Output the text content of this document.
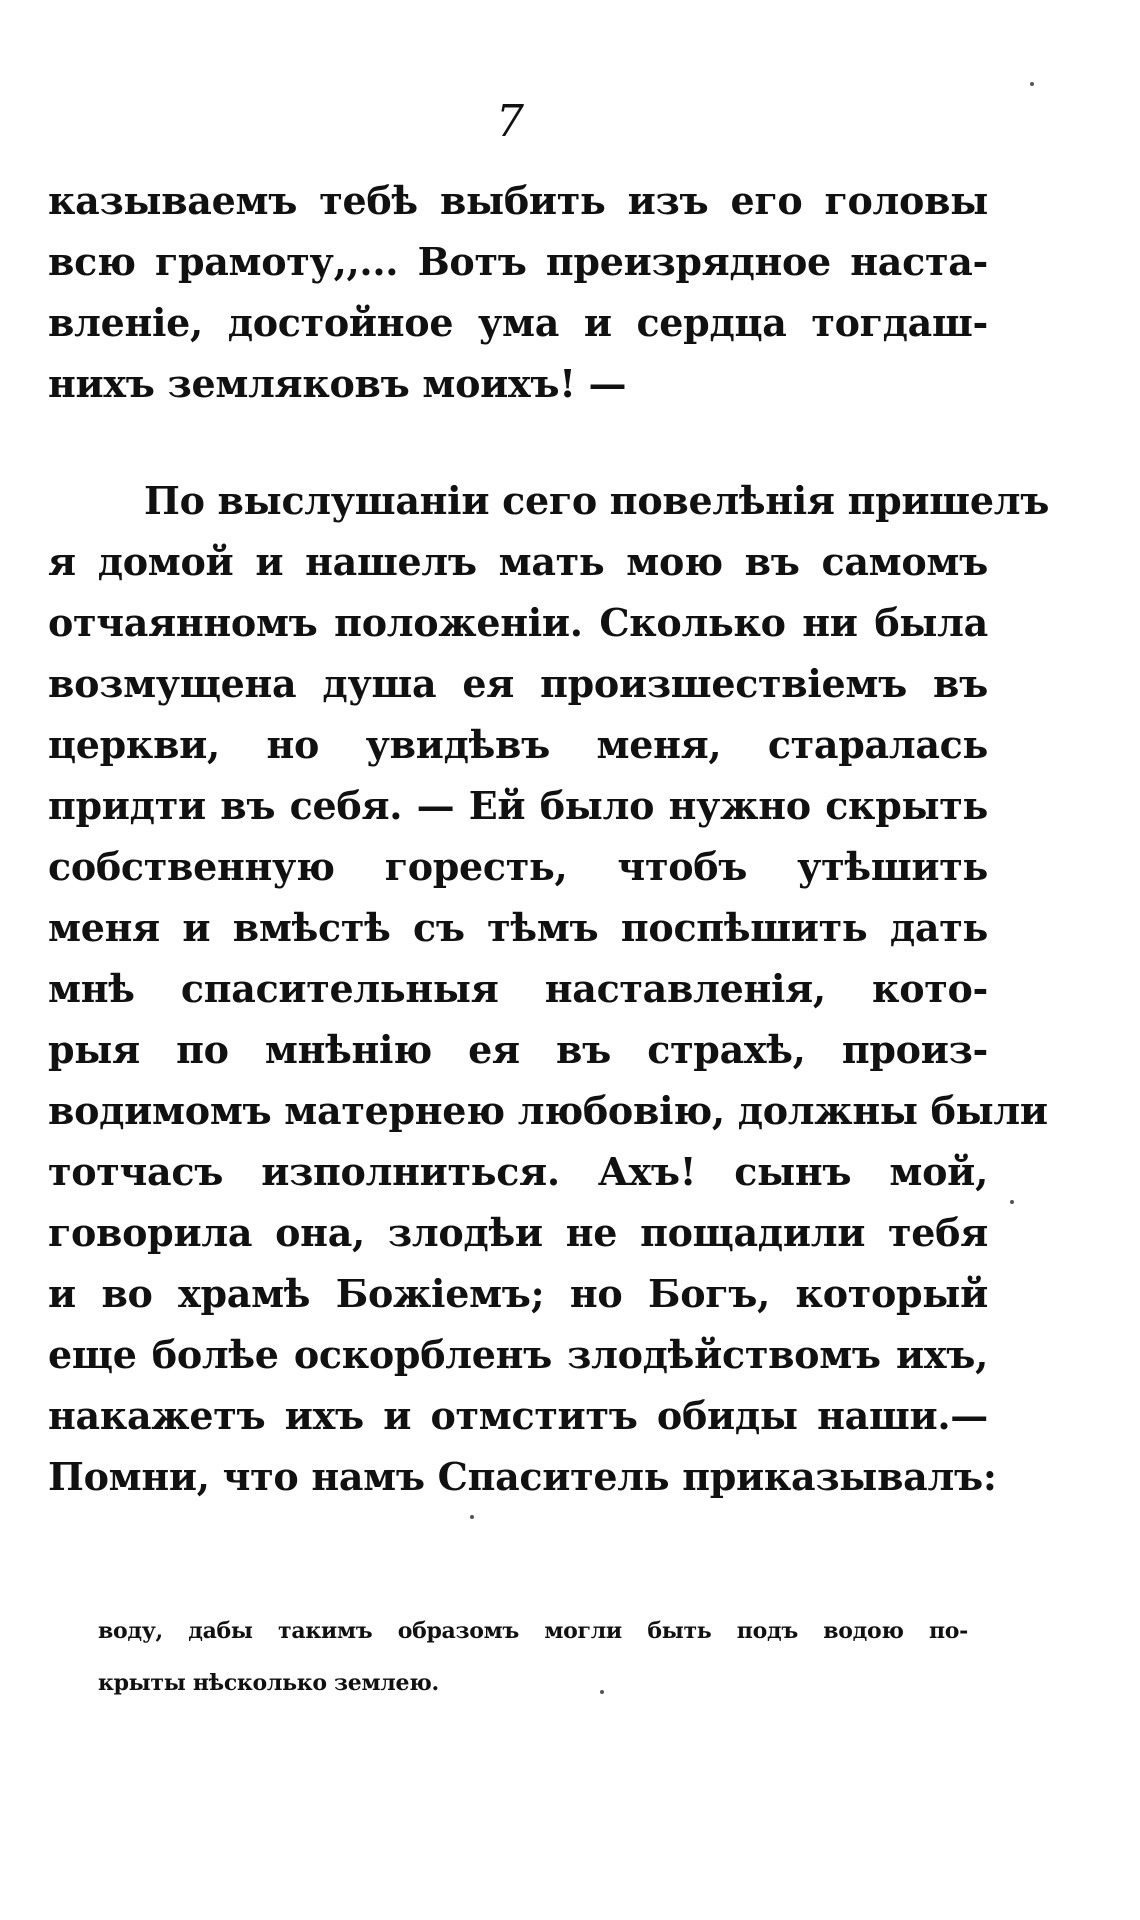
7
казываемъ тебѣ выбить изъ его головы
всю грамоту,,... Вотъ преизрядное наста-
вленіе, достойное ума и сердца тогдаш-
нихъ земляковъ моихъ! —
По выслушаніи сего повелѣнія пришелъ
я домой и нашелъ мать мою въ самомъ
отчаянномъ положеніи. Сколько ни была
возмущена душа ея произшествіемъ въ
церкви, но увидѣвъ меня, старалась
придти въ себя. — Ей было нужно скрыть
собственную горесть, чтобъ утѣшить
меня и вмѣстѣ съ тѣмъ поспѣшить дать
мнѣ спасительныя наставленія, кото-
рыя по мнѣнію ея въ страхѣ, произ-
водимомъ матернею любовію, должны были
тотчасъ изполниться. Ахъ! сынъ мой,
говорила она, злодѣи не пощадили тебя
и во храмѣ Божіемъ; но Богъ, который
еще болѣе оскорбленъ злодѣйствомъ ихъ,
накажетъ ихъ и отмститъ обиды наши.—
Помни, что намъ Спаситель приказывалъ:
воду, дабы такимъ образомъ могли быть подъ водою по-
крыты нѣсколько землею.
